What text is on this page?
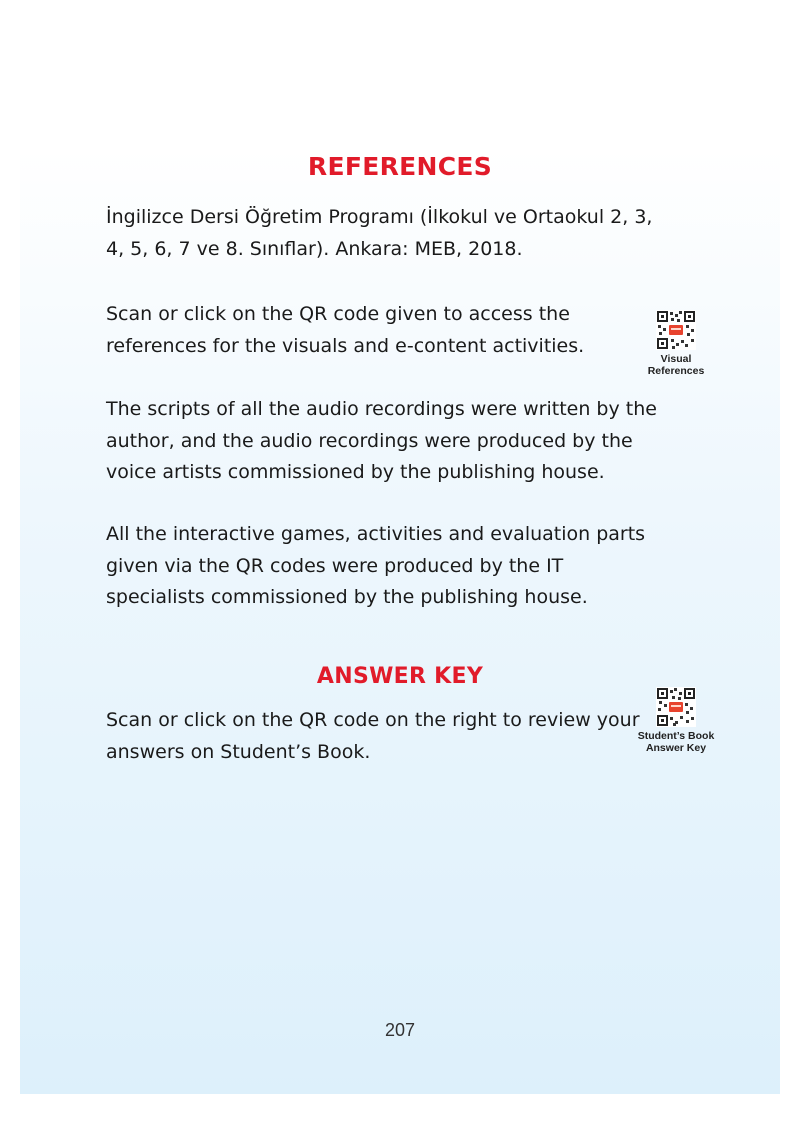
REFERENCES

İngilizce Dersi Öğretim Programı (İlkokul ve Ortaokul 2, 3, 4, 5, 6, 7 ve 8. Sınıflar). Ankara: MEB, 2018.

Scan or click on the QR code given to access the references for the visuals and e-content activities.

Visual
References

The scripts of all the audio recordings were written by the author, and the audio recordings were produced by the voice artists commissioned by the publishing house.

All the interactive games, activities and evaluation parts given via the QR codes were produced by the IT specialists commissioned by the publishing house.

ANSWER KEY

Scan or click on the QR code on the right to review your answers on Student’s Book.

Student’s Book
Answer Key
207
